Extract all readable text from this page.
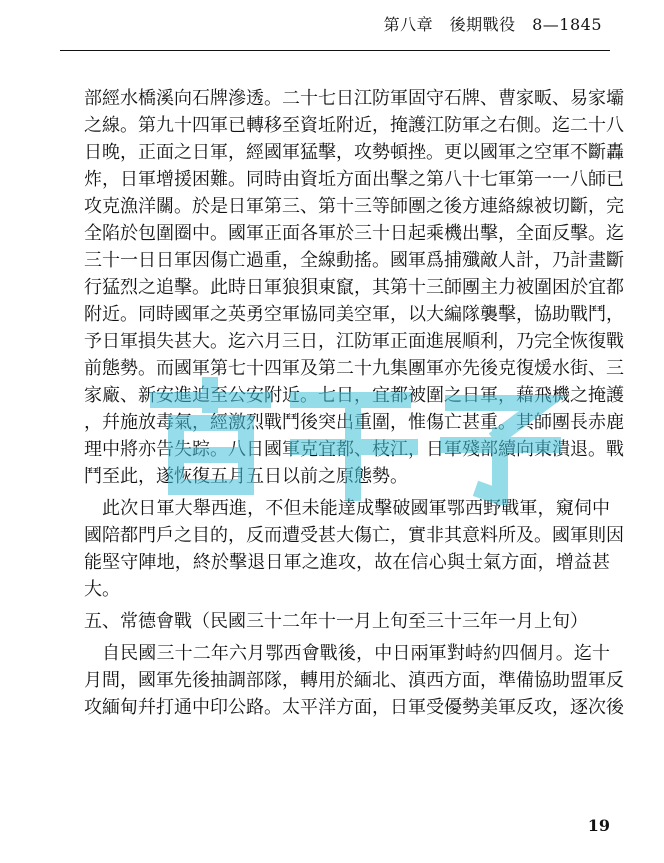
第八章　後期戰役　8—1845
部經水橋溪向石牌滲透。二十七日江防軍固守石牌、曹家畈、易家壩
之線。第九十四軍已轉移至資坵附近，掩護江防軍之右側。迄二十八
日晚，正面之日軍，經國軍猛擊，攻勢頓挫。更以國軍之空軍不斷轟
炸，日軍增援困難。同時由資坵方面出擊之第八十七軍第一一八師已
攻克漁洋關。於是日軍第三、第十三等師團之後方連絡線被切斷，完
全陷於包圍圈中。國軍正面各軍於三十日起乘機出擊，全面反擊。迄
三十一日日軍因傷亡過重，全線動搖。國軍爲捕殲敵人計，乃計畫斷
行猛烈之追擊。此時日軍狼狽東竄，其第十三師團主力被圍困於宜都
附近。同時國軍之英勇空軍協同美空軍，以大編隊襲擊，協助戰鬥，
予日軍損失甚大。迄六月三日，江防軍正面進展順利，乃完全恢復戰
前態勢。而國軍第七十四軍及第二十九集團軍亦先後克復煖水街、三
家廠、新安進迫至公安附近。七日，宜都被圍之日軍，藉飛機之掩護
，幷施放毒氣，經激烈戰鬥後突出重圍，惟傷亡甚重。其師團長赤鹿
理中將亦告失踪。八日國軍克宜都、枝江，日軍殘部續向東潰退。戰
鬥至此，遂恢復五月五日以前之原態勢。
此次日軍大舉西進，不但未能達成擊破國軍鄂西野戰軍，窺伺中
國陪都門戶之目的，反而遭受甚大傷亡，實非其意料所及。國軍則因
能堅守陣地，終於擊退日軍之進攻，故在信心與士氣方面，增益甚
大。
五、常德會戰（民國三十二年十一月上旬至三十三年一月上旬）
自民國三十二年六月鄂西會戰後，中日兩軍對峙約四個月。迄十
月間，國軍先後抽調部隊，轉用於緬北、滇西方面，準備協助盟軍反
攻緬甸幷打通中印公路。太平洋方面，日軍受優勢美軍反攻，逐次後
19
